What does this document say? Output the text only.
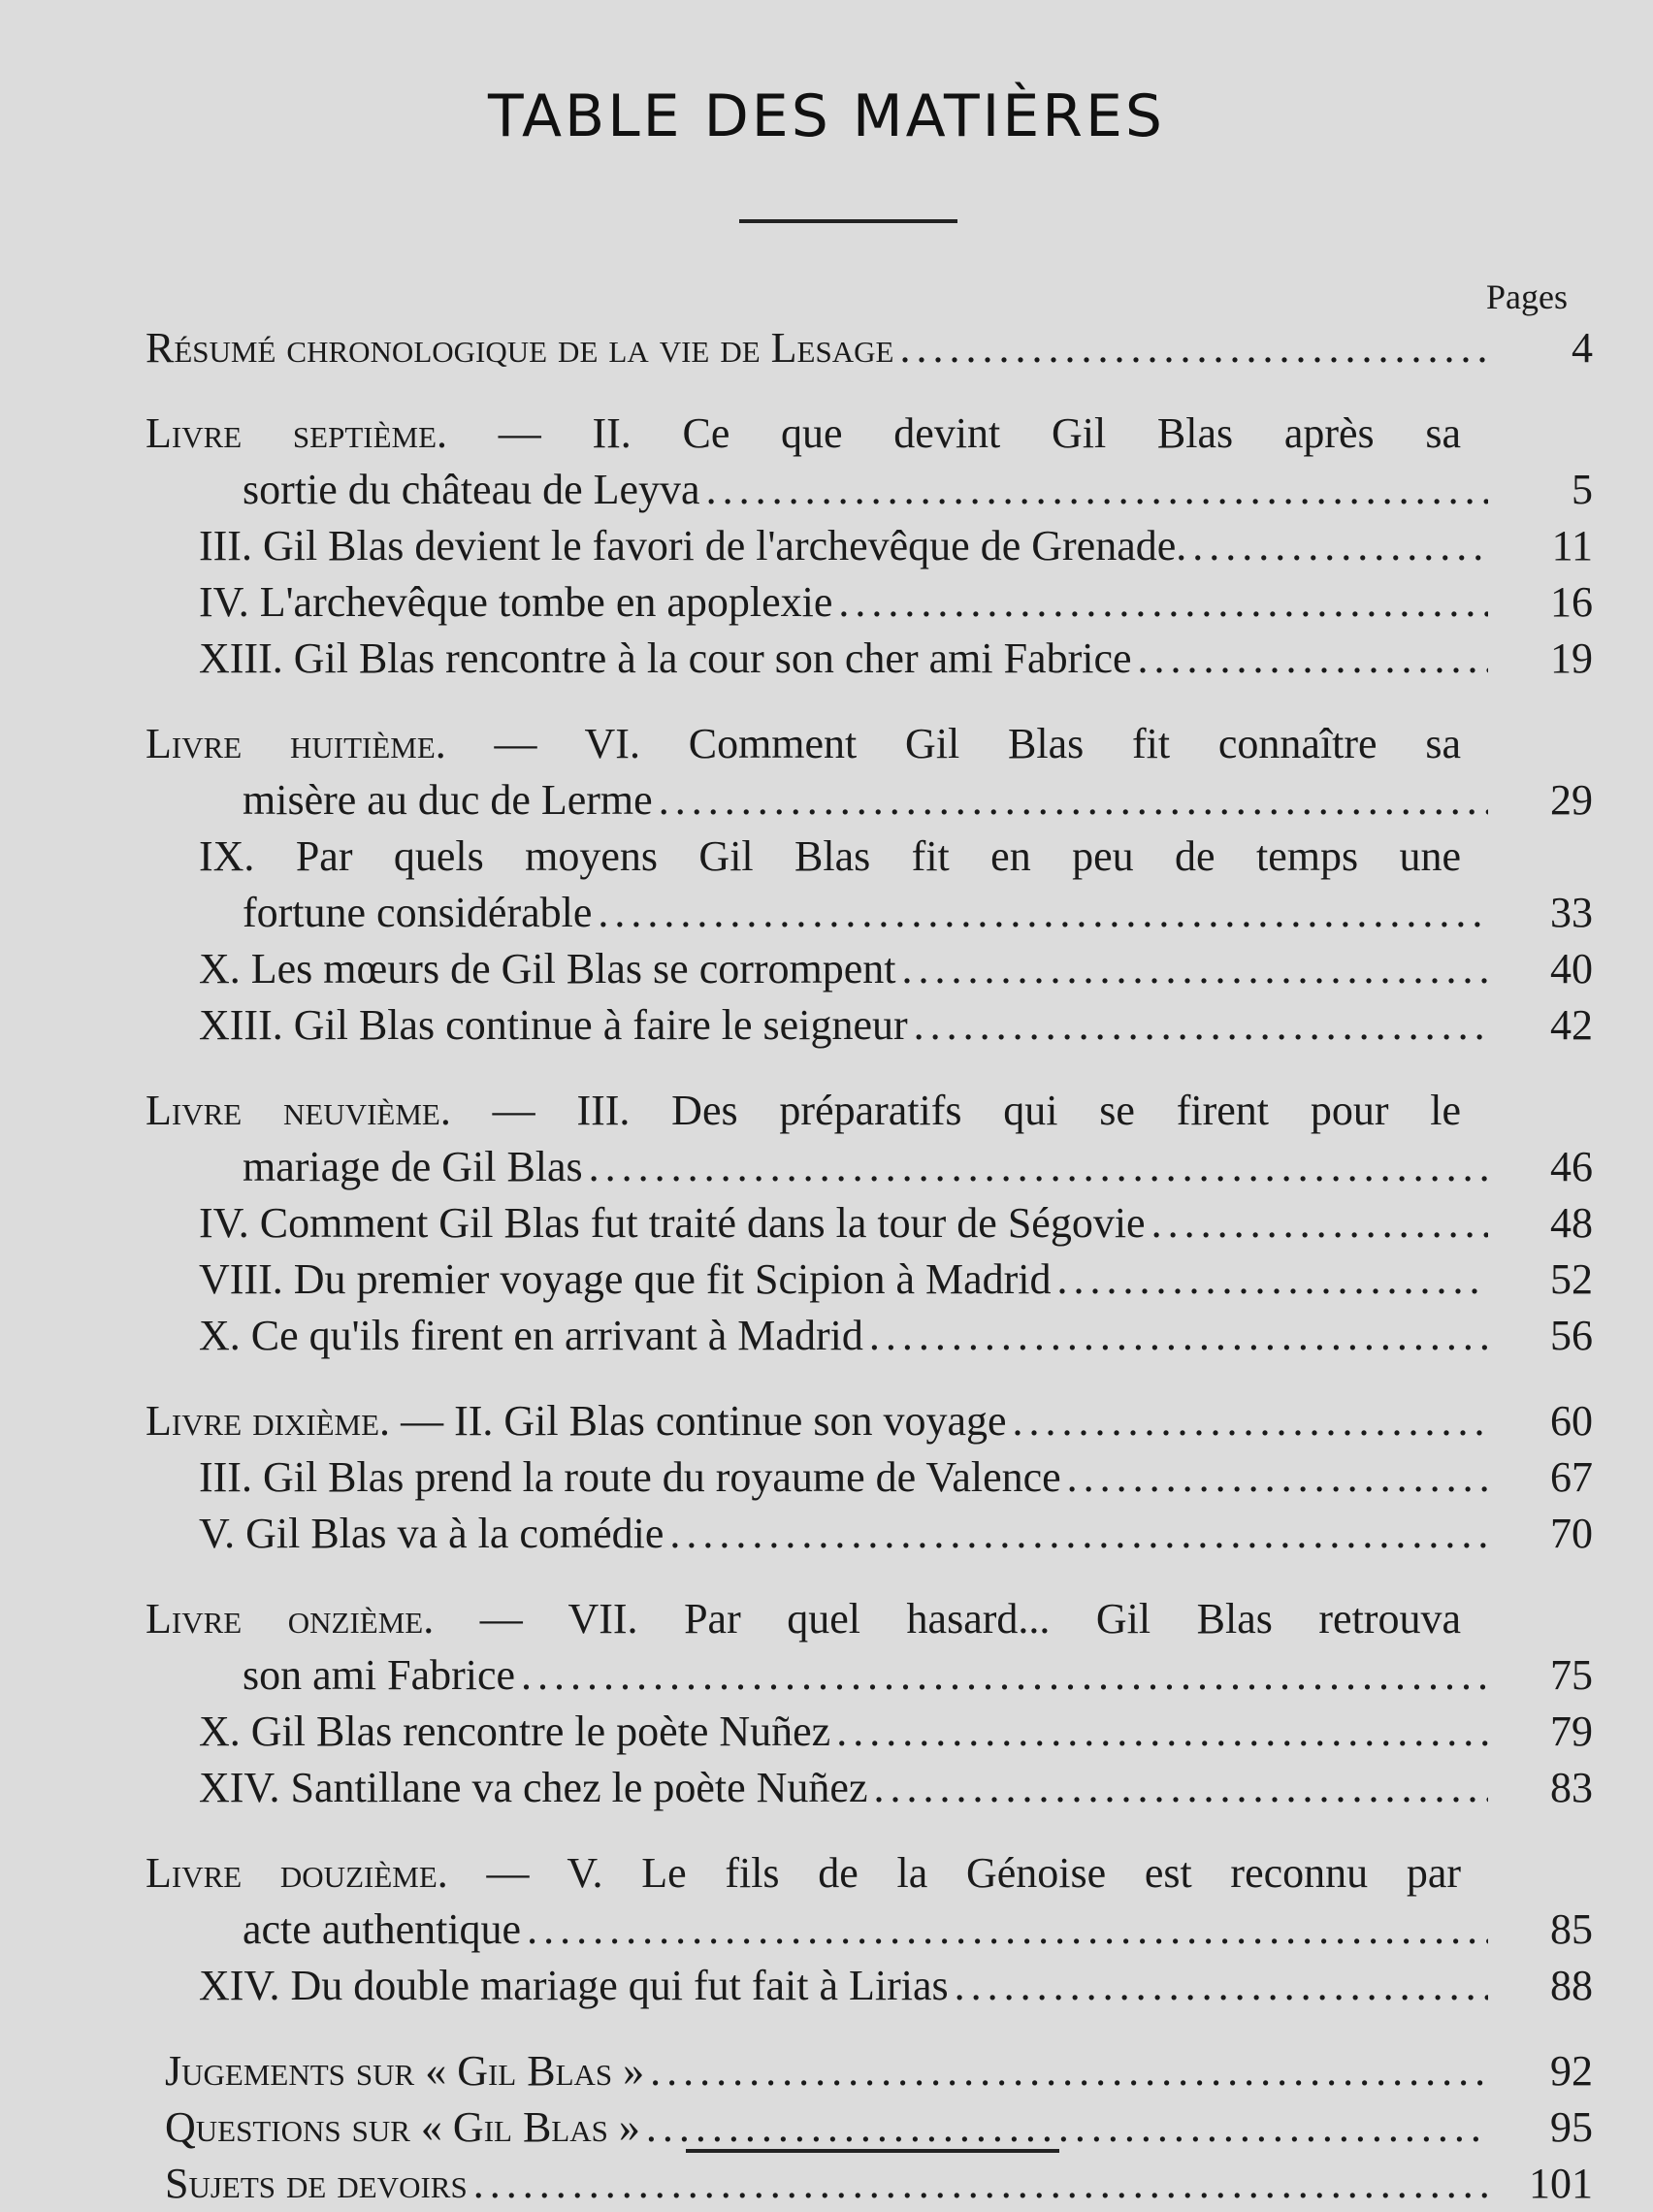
TABLE DES MATIÈRES
Pages
Résumé chronologique de la vie de Lesage .....	4
Livre septième. — II. Ce que devint Gil Blas après sa
sortie du château de Leyva .....	5
III. Gil Blas devient le favori de l'archevêque de Grenade. .....	11
IV. L'archevêque tombe en apoplexie .....	16
XIII. Gil Blas rencontre à la cour son cher ami Fabrice .....	19
Livre huitième. — VI. Comment Gil Blas fit connaître sa
misère au duc de Lerme .....	29
IX. Par quels moyens Gil Blas fit en peu de temps une
fortune considérable .....	33
X. Les mœurs de Gil Blas se corrompent .....	40
XIII. Gil Blas continue à faire le seigneur .....	42
Livre neuvième. — III. Des préparatifs qui se firent pour le
mariage de Gil Blas .....	46
IV. Comment Gil Blas fut traité dans la tour de Ségovie .....	48
VIII. Du premier voyage que fit Scipion à Madrid .....	52
X. Ce qu'ils firent en arrivant à Madrid .....	56
Livre dixième. — II. Gil Blas continue son voyage .....	60
III. Gil Blas prend la route du royaume de Valence .....	67
V. Gil Blas va à la comédie .....	70
Livre onzième. — VII. Par quel hasard... Gil Blas retrouva
son ami Fabrice .....	75
X. Gil Blas rencontre le poète Nuñez .....	79
XIV. Santillane va chez le poète Nuñez .....	83
Livre douzième. — V. Le fils de la Génoise est reconnu par
acte authentique .....	85
XIV. Du double mariage qui fut fait à Lirias .....	88
Jugements sur « Gil Blas » .....	92
Questions sur « Gil Blas » .....	95
Sujets de devoirs .....	101
